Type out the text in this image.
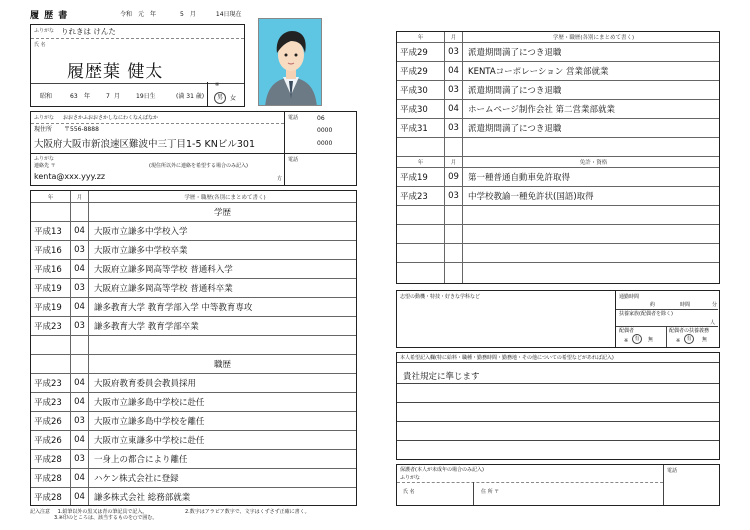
履 歴 書	令和 元 年	5 月	14日現在
ふりがな りれきは けんた
氏 名
履歴葉 健太
昭和	63	年	7 月	19日生	(満 31 歳)
※
男	女
ふりがな おおさかふおおさかしなにわくなんばなか
現住所 〒556-8888
大阪府大阪市新浪速区難波中三丁目1-5 KNビル301
電話	06
0000
0000
ふりがな
連絡先 〒	(現住所以外に連絡を希望する場合のみ記入)
kenta@xxx.yyy.zz	方
電話
年	月	学歴・職歴(各別にまとめて書く)
学歴
平成13	04	大阪市立謙多中学校入学
平成16	03	大阪市立謙多中学校卒業
平成16	04	大阪府立謙多岡高等学校 普通科入学
平成19	03	大阪府立謙多岡高等学校 普通科卒業
平成19	04	謙多教育大学 教育学部入学 中等教育専攻
平成23	03	謙多教育大学 教育学部卒業
職歴
平成23	04	大阪府教育委員会教員採用
平成23	04	大阪市立謙多島中学校に赴任
平成26	03	大阪市立謙多島中学校を離任
平成26	04	大阪市立東謙多中学校に赴任
平成28	03	一身上の都合により離任
平成28	04	ハケン株式会社に登録
平成28	04	謙多株式会社 総務部就業
記入注意 1.鉛筆以外の黒又は青の筆記具で記入。	2.数字はアラビア数字で、文字はくずさず正確に書く。
3.※印のところは、該当するものを○で囲む。
年	月	学歴・職歴(各別にまとめて書く)
平成29	03	派遣期間満了につき退職
平成29	04	KENTAコーポレーション 営業部就業
平成30	03	派遣期間満了につき退職
平成30	04	ホームページ制作会社 第二営業部就業
平成31	03	派遣期間満了につき退職
年	月	免許・資格
平成19	09	第一種普通自動車免許取得
平成23	03	中学校教諭一種免許状(国語)取得
志望の動機・特技・好きな学科など	通勤時間
約	時間	分
扶養家族(配偶者を除く)
人
配偶者
※	有	無
配偶者の扶養義務
※	有	無
本人希望記入欄(特に給料・職種・勤務時間・勤務地・その他についての希望などがあれば記入)
貴社規定に準じます
保護者(本人が未成年の場合のみ記入)
ふりがな
氏 名	住 所 〒
電話
